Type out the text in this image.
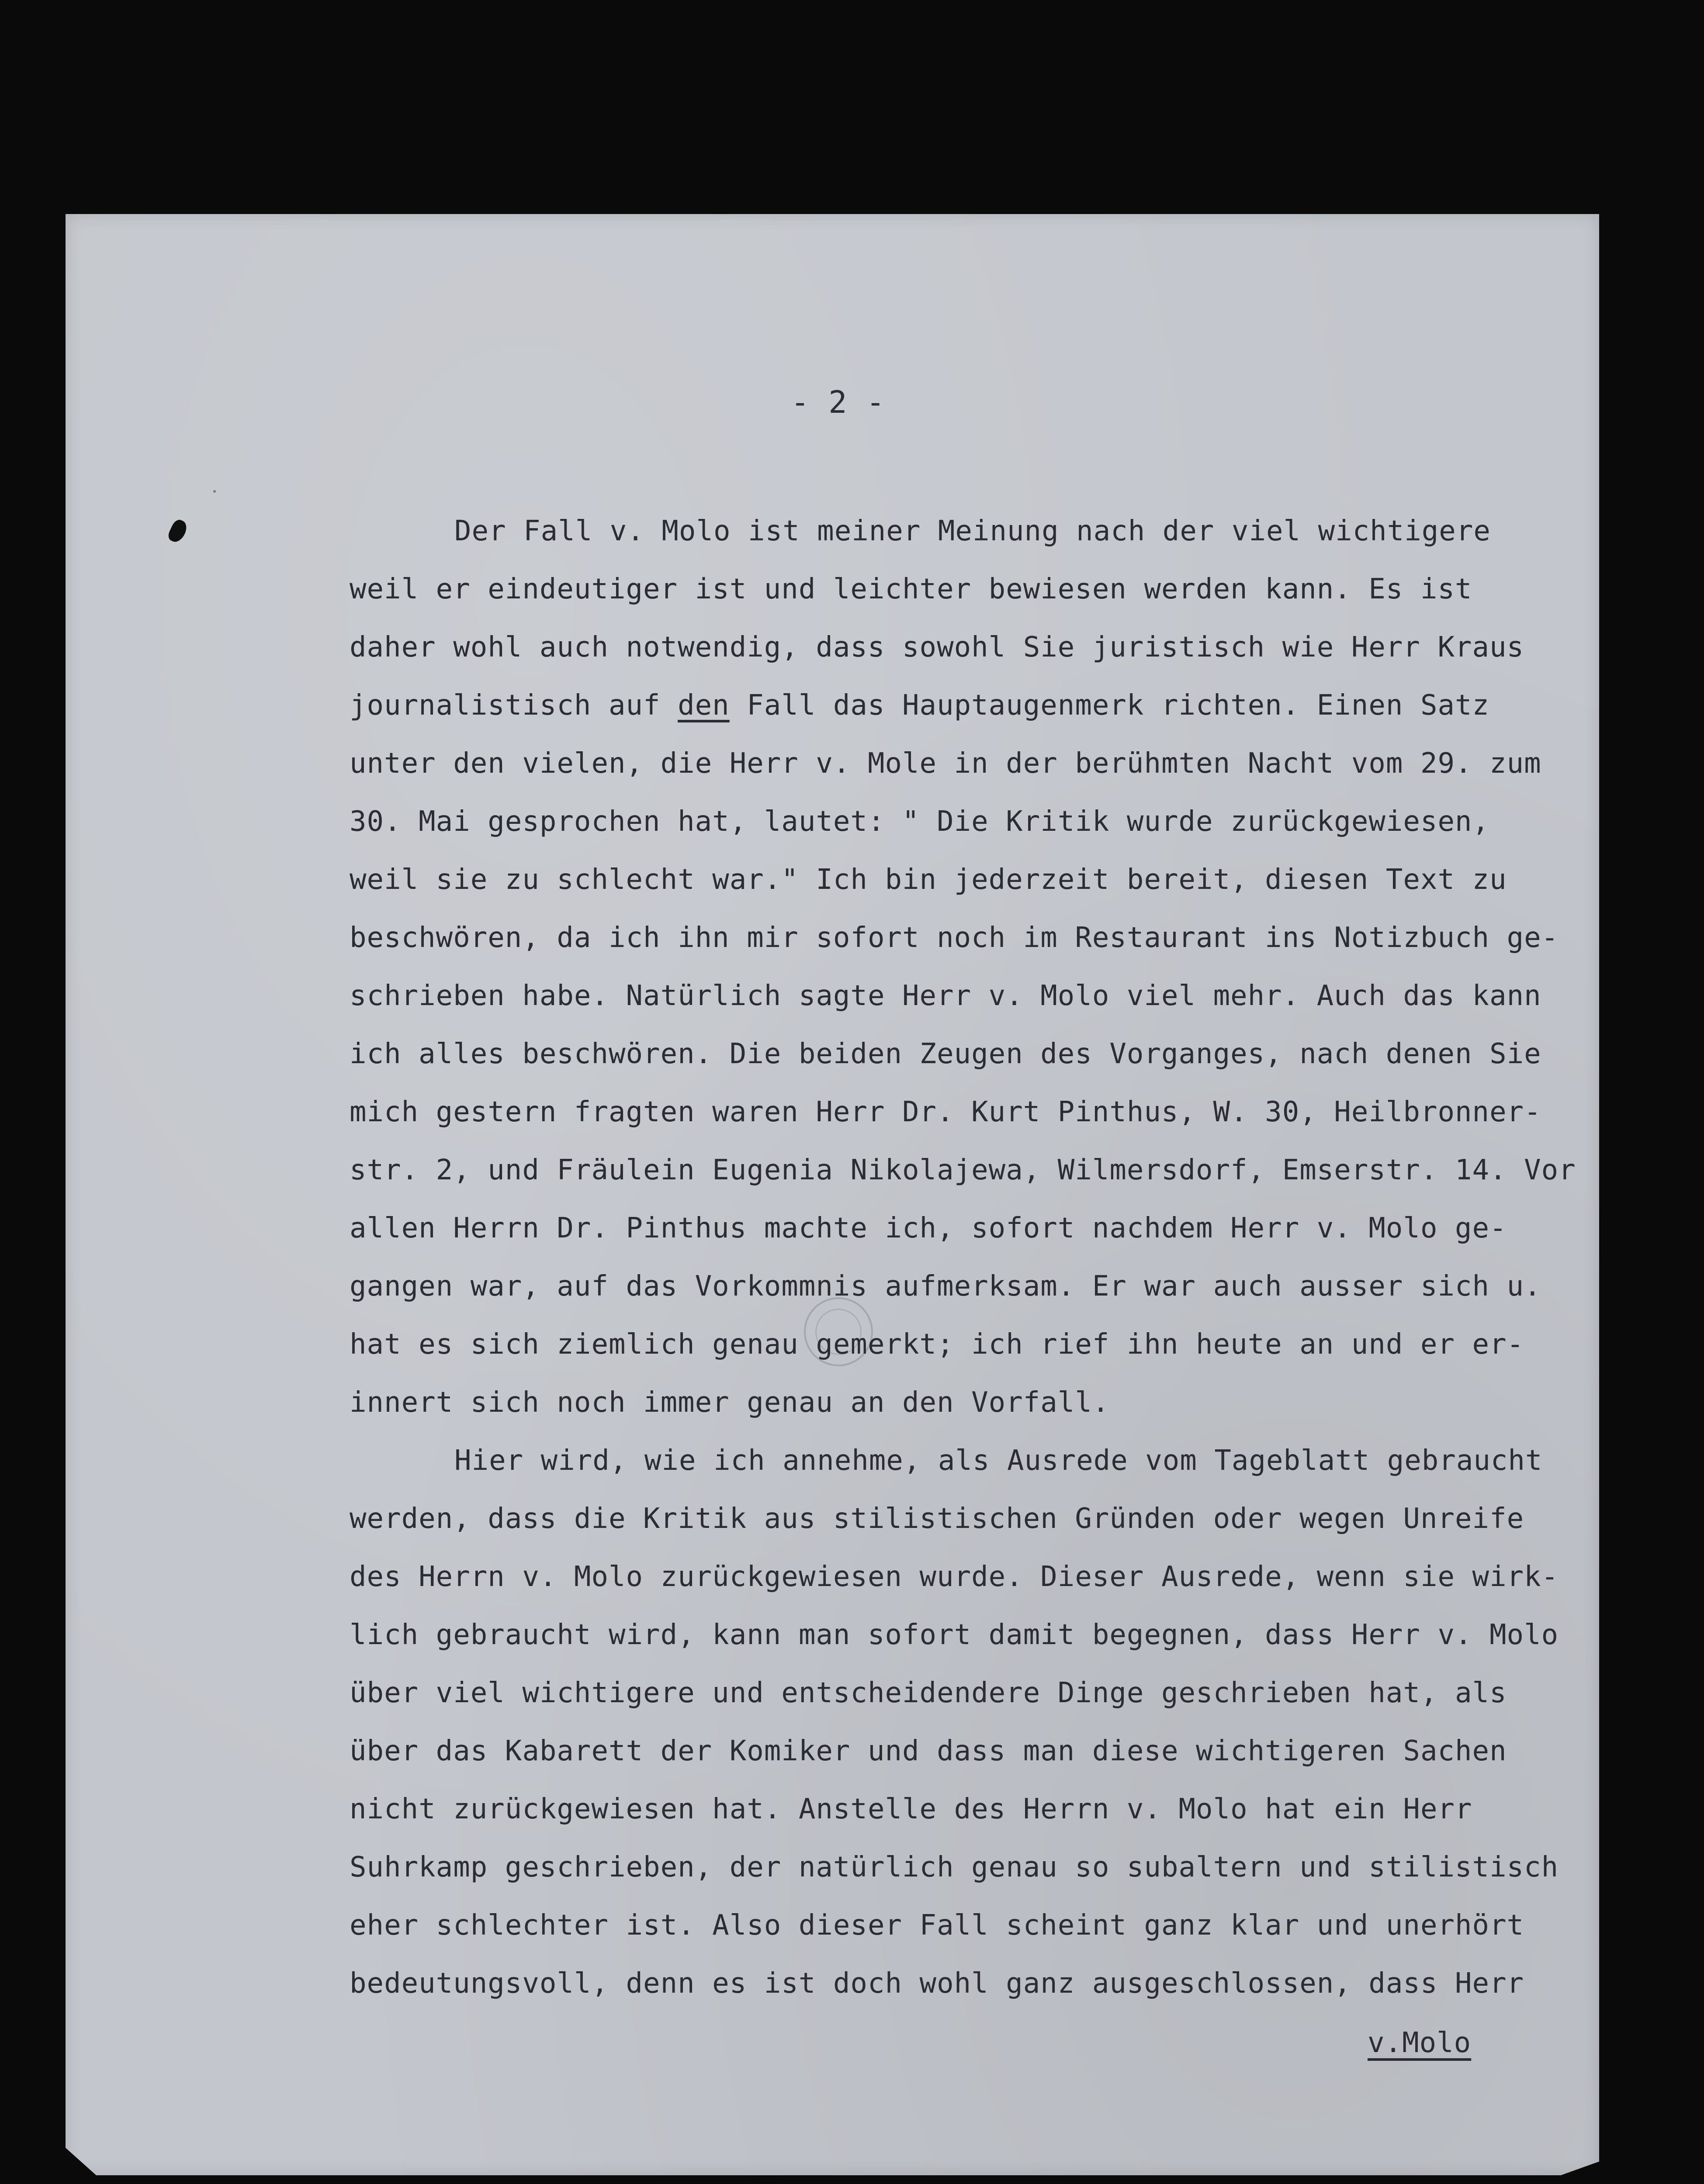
- 2 -
Der Fall v. Molo ist meiner Meinung nach der viel wichtigere
weil er eindeutiger ist und leichter bewiesen werden kann. Es ist
daher wohl auch notwendig, dass sowohl Sie juristisch wie Herr Kraus
journalistisch auf den Fall das Hauptaugenmerk richten. Einen Satz
unter den vielen, die Herr v. Mole in der berühmten Nacht vom 29. zum
30. Mai gesprochen hat, lautet: " Die Kritik wurde zurückgewiesen,
weil sie zu schlecht war." Ich bin jederzeit bereit, diesen Text zu
beschwören, da ich ihn mir sofort noch im Restaurant ins Notizbuch ge-
schrieben habe. Natürlich sagte Herr v. Molo viel mehr. Auch das kann
ich alles beschwören. Die beiden Zeugen des Vorganges, nach denen Sie
mich gestern fragten waren Herr Dr. Kurt Pinthus, W. 30, Heilbronner-
str. 2, und Fräulein Eugenia Nikolajewa, Wilmersdorf, Emserstr. 14. Vor
allen Herrn Dr. Pinthus machte ich, sofort nachdem Herr v. Molo ge-
gangen war, auf das Vorkommnis aufmerksam. Er war auch ausser sich u.
hat es sich ziemlich genau gemerkt; ich rief ihn heute an und er er-
innert sich noch immer genau an den Vorfall.
Hier wird, wie ich annehme, als Ausrede vom Tageblatt gebraucht
werden, dass die Kritik aus stilistischen Gründen oder wegen Unreife
des Herrn v. Molo zurückgewiesen wurde. Dieser Ausrede, wenn sie wirk-
lich gebraucht wird, kann man sofort damit begegnen, dass Herr v. Molo
über viel wichtigere und entscheidendere Dinge geschrieben hat, als
über das Kabarett der Komiker und dass man diese wichtigeren Sachen
nicht zurückgewiesen hat. Anstelle des Herrn v. Molo hat ein Herr
Suhrkamp geschrieben, der natürlich genau so subaltern und stilistisch
eher schlechter ist. Also dieser Fall scheint ganz klar und unerhört
bedeutungsvoll, denn es ist doch wohl ganz ausgeschlossen, dass Herr
v.Molo
